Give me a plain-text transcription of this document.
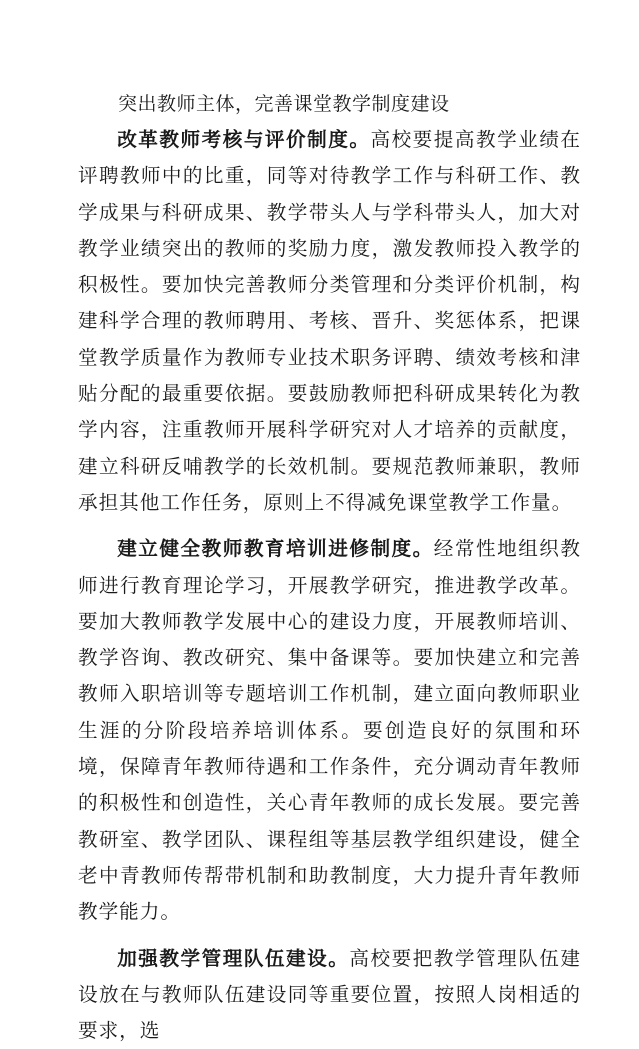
突出教师主体，完善课堂教学制度建设

改革教师考核与评价制度。高校要提高教学业绩在评聘教师中的比重，同等对待教学工作与科研工作、教学成果与科研成果、教学带头人与学科带头人，加大对教学业绩突出的教师的奖励力度，激发教师投入教学的积极性。要加快完善教师分类管理和分类评价机制，构建科学合理的教师聘用、考核、晋升、奖惩体系，把课堂教学质量作为教师专业技术职务评聘、绩效考核和津贴分配的最重要依据。要鼓励教师把科研成果转化为教学内容，注重教师开展科学研究对人才培养的贡献度，建立科研反哺教学的长效机制。要规范教师兼职，教师承担其他工作任务，原则上不得减免课堂教学工作量。

建立健全教师教育培训进修制度。经常性地组织教师进行教育理论学习，开展教学研究，推进教学改革。要加大教师教学发展中心的建设力度，开展教师培训、教学咨询、教改研究、集中备课等。要加快建立和完善教师入职培训等专题培训工作机制，建立面向教师职业生涯的分阶段培养培训体系。要创造良好的氛围和环境，保障青年教师待遇和工作条件，充分调动青年教师的积极性和创造性，关心青年教师的成长发展。要完善教研室、教学团队、课程组等基层教学组织建设，健全老中青教师传帮带机制和助教制度，大力提升青年教师教学能力。

加强教学管理队伍建设。高校要把教学管理队伍建设放在与教师队伍建设同等重要位置，按照人岗相适的要求，选
